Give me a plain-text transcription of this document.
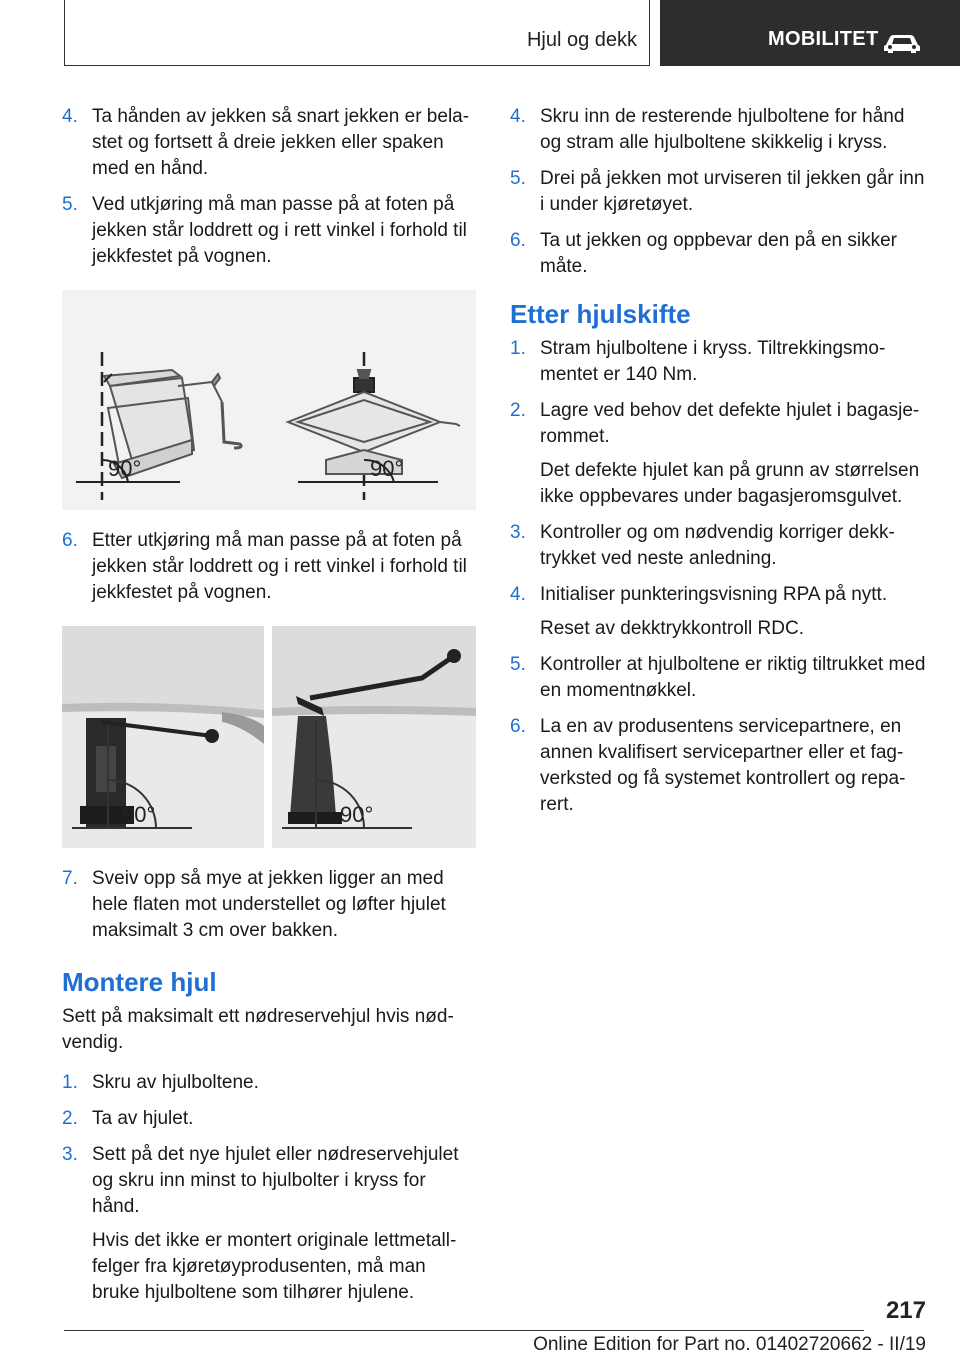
Hjul og dekk	MOBILITET
4. Ta hånden av jekken så snart jekken er belastet og fortsett å dreie jekken eller spaken med en hånd.

5. Ved utkjøring må man passe på at foten på jekken står loddrett og i rett vinkel i forhold til jekkfestet på vognen.

90°	90°
6. Etter utkjøring må man passe på at foten på jekken står loddrett og i rett vinkel i forhold til jekkfestet på vognen.

90°	90°
7. Sveiv opp så mye at jekken ligger an med hele flaten mot understellet og løfter hjulet maksimalt 3 cm over bakken.

Montere hjul
Sett på maksimalt ett nødreservehjul hvis nødvendig.
1. Skru av hjulboltene.

2. Ta av hjulet.

3. Sett på det nye hjulet eller nødreservehjulet og skru inn minst to hjulbolter i kryss for hånd.

Hvis det ikke er montert originale lettmetallfelger fra kjøretøyprodusenten, må man bruke hjulboltene som tilhører hjulene.

4. Skru inn de resterende hjulboltene for hånd og stram alle hjulboltene skikkelig i kryss.

5. Drei på jekken mot urviseren til jekken går inn i under kjøretøyet.

6. Ta ut jekken og oppbevar den på en sikker måte.

Etter hjulskifte
1. Stram hjulboltene i kryss. Tiltrekkingsmomentet er 140 Nm.

2. Lagre ved behov det defekte hjulet i bagasjerommet.

Det defekte hjulet kan på grunn av størrelsen ikke oppbevares under bagasjeromsgulvet.

3. Kontroller og om nødvendig korriger dekktrykket ved neste anledning.

4. Initialiser punkteringsvisning RPA på nytt.

Reset av dekktrykkontroll RDC.

5. Kontroller at hjulboltene er riktig tiltrukket med en momentnøkkel.

6. La en av produsentens servicepartnere, en annen kvalifisert servicepartner eller et fagverksted og få systemet kontrollert og reparert.

217
Online Edition for Part no. 01402720662 - II/19
